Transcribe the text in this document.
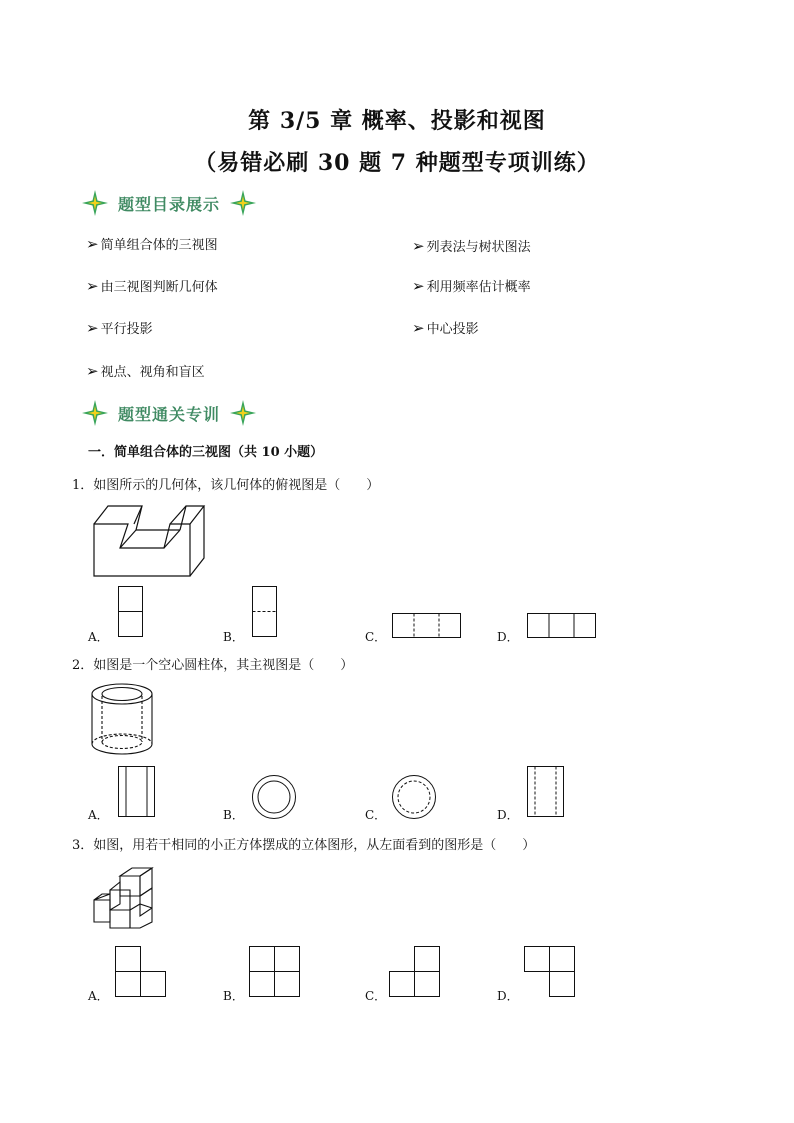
第 3/5 章 概率、投影和视图
（易错必刷 30 题 7 种题型专项训练）
题型目录展示
➢ 简单组合体的三视图
➢ 由三视图判断几何体
➢ 平行投影
➢ 视点、视角和盲区
➢ 列表法与树状图法
➢ 利用频率估计概率
➢ 中心投影
题型通关专训
一．简单组合体的三视图（共 10 小题）
1．如图所示的几何体，该几何体的俯视图是（　　）
A．	B．	C．	D．
2．如图是一个空心圆柱体，其主视图是（　　）
A．	B．	C．	D．
3．如图，用若干相同的小正方体摆成的立体图形，从左面看到的图形是（　　）
A．	B．	C．	D．
